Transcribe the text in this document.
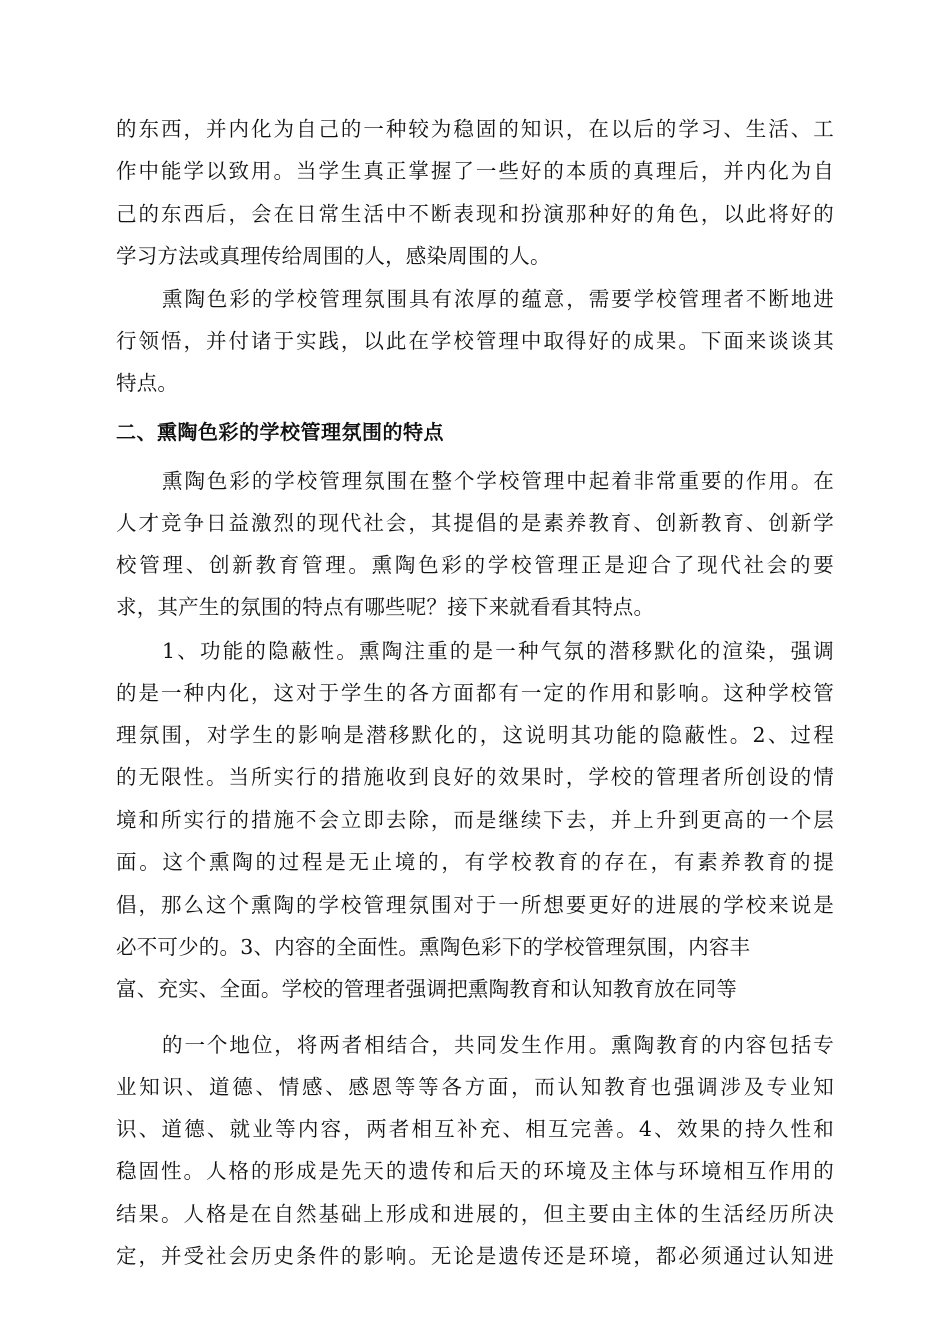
的东西，并内化为自己的一种较为稳固的知识，在以后的学习、生活、工
作中能学以致用。当学生真正掌握了一些好的本质的真理后，并内化为自
己的东西后，会在日常生活中不断表现和扮演那种好的角色，以此将好的
学习方法或真理传给周围的人，感染周围的人。
熏陶色彩的学校管理氛围具有浓厚的蕴意，需要学校管理者不断地进
行领悟，并付诸于实践，以此在学校管理中取得好的成果。下面来谈谈其
特点。
二、熏陶色彩的学校管理氛围的特点
熏陶色彩的学校管理氛围在整个学校管理中起着非常重要的作用。在
人才竞争日益激烈的现代社会，其提倡的是素养教育、创新教育、创新学
校管理、创新教育管理。熏陶色彩的学校管理正是迎合了现代社会的要
求，其产生的氛围的特点有哪些呢？接下来就看看其特点。
1、功能的隐蔽性。熏陶注重的是一种气氛的潜移默化的渲染，强调
的是一种内化，这对于学生的各方面都有一定的作用和影响。这种学校管
理氛围，对学生的影响是潜移默化的，这说明其功能的隐蔽性。2、过程
的无限性。当所实行的措施收到良好的效果时，学校的管理者所创设的情
境和所实行的措施不会立即去除，而是继续下去，并上升到更高的一个层
面。这个熏陶的过程是无止境的，有学校教育的存在，有素养教育的提
倡，那么这个熏陶的学校管理氛围对于一所想要更好的进展的学校来说是
必不可少的。3、内容的全面性。熏陶色彩下的学校管理氛围，内容丰
富、充实、全面。学校的管理者强调把熏陶教育和认知教育放在同等
的一个地位，将两者相结合，共同发生作用。熏陶教育的内容包括专
业知识、道德、情感、感恩等等各方面，而认知教育也强调涉及专业知
识、道德、就业等内容，两者相互补充、相互完善。4、效果的持久性和
稳固性。人格的形成是先天的遗传和后天的环境及主体与环境相互作用的
结果。人格是在自然基础上形成和进展的，但主要由主体的生活经历所决
定，并受社会历史条件的影响。无论是遗传还是环境，都必须通过认知进
